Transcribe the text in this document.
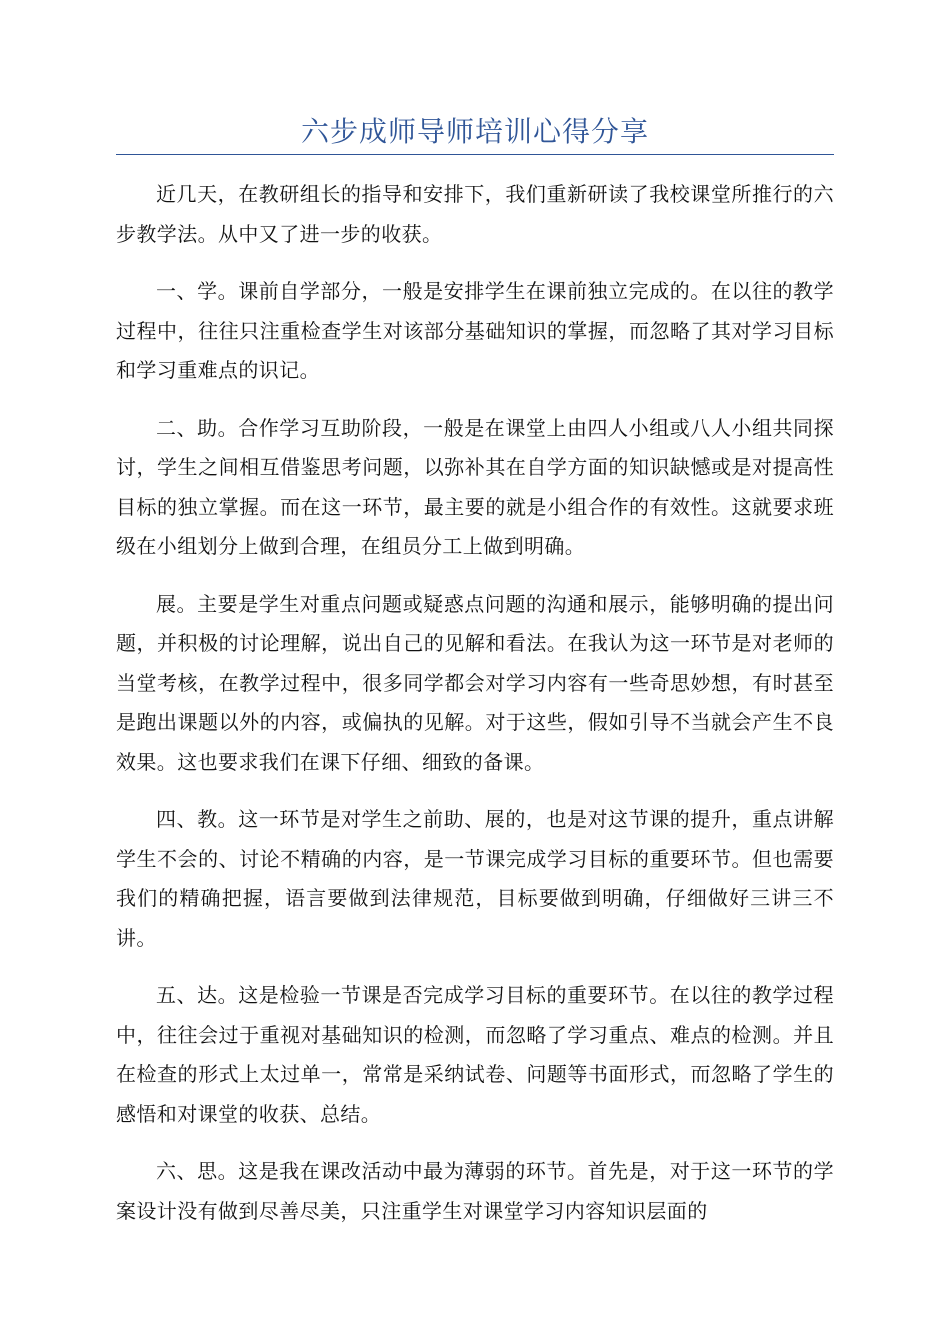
六步成师导师培训心得分享

近几天，在教研组长的指导和安排下，我们重新研读了我校课堂所推行的六步教学法。从中又了进一步的收获。

一、学。课前自学部分，一般是安排学生在课前独立完成的。在以往的教学过程中，往往只注重检查学生对该部分基础知识的掌握，而忽略了其对学习目标和学习重难点的识记。

二、助。合作学习互助阶段，一般是在课堂上由四人小组或八人小组共同探讨，学生之间相互借鉴思考问题，以弥补其在自学方面的知识缺憾或是对提高性目标的独立掌握。而在这一环节，最主要的就是小组合作的有效性。这就要求班级在小组划分上做到合理，在组员分工上做到明确。

展。主要是学生对重点问题或疑惑点问题的沟通和展示，能够明确的提出问题，并积极的讨论理解，说出自己的见解和看法。在我认为这一环节是对老师的当堂考核，在教学过程中，很多同学都会对学习内容有一些奇思妙想，有时甚至是跑出课题以外的内容，或偏执的见解。对于这些，假如引导不当就会产生不良效果。这也要求我们在课下仔细、细致的备课。

四、教。这一环节是对学生之前助、展的，也是对这节课的提升，重点讲解学生不会的、讨论不精确的内容，是一节课完成学习目标的重要环节。但也需要我们的精确把握，语言要做到法律规范，目标要做到明确，仔细做好三讲三不讲。

五、达。这是检验一节课是否完成学习目标的重要环节。在以往的教学过程中，往往会过于重视对基础知识的检测，而忽略了学习重点、难点的检测。并且在检查的形式上太过单一，常常是采纳试卷、问题等书面形式，而忽略了学生的感悟和对课堂的收获、总结。

六、思。这是我在课改活动中最为薄弱的环节。首先是，对于这一环节的学案设计没有做到尽善尽美，只注重学生对课堂学习内容知识层面的
